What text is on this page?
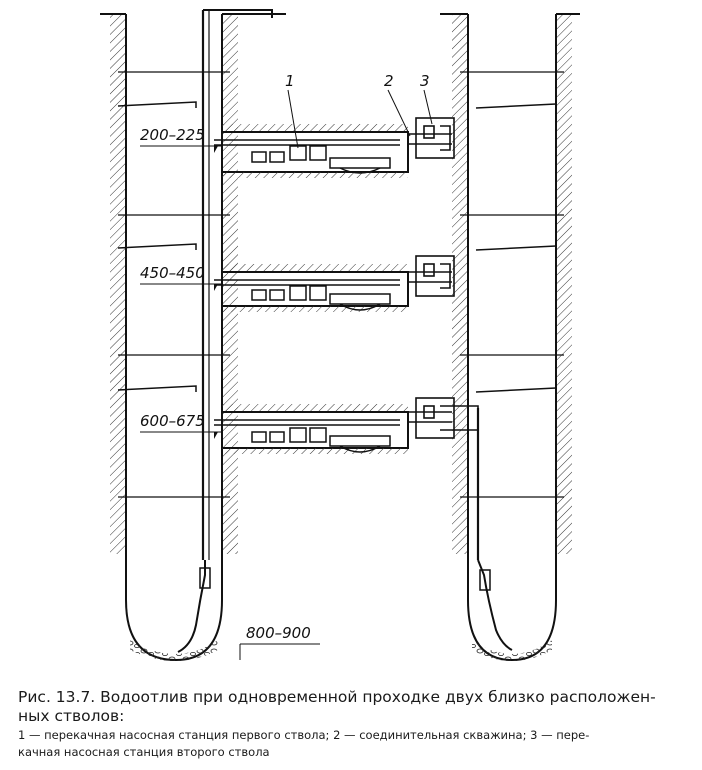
200–225
450–450
600–675
800–900
1	2 3
Рис. 13.7. Водоотлив при одновременной проходке двух близко расположен-
ных стволов:
1 — перекачная насосная станция первого ствола; 2 — соединительная скважина; 3 — пере-
качная насосная станция второго ствола
